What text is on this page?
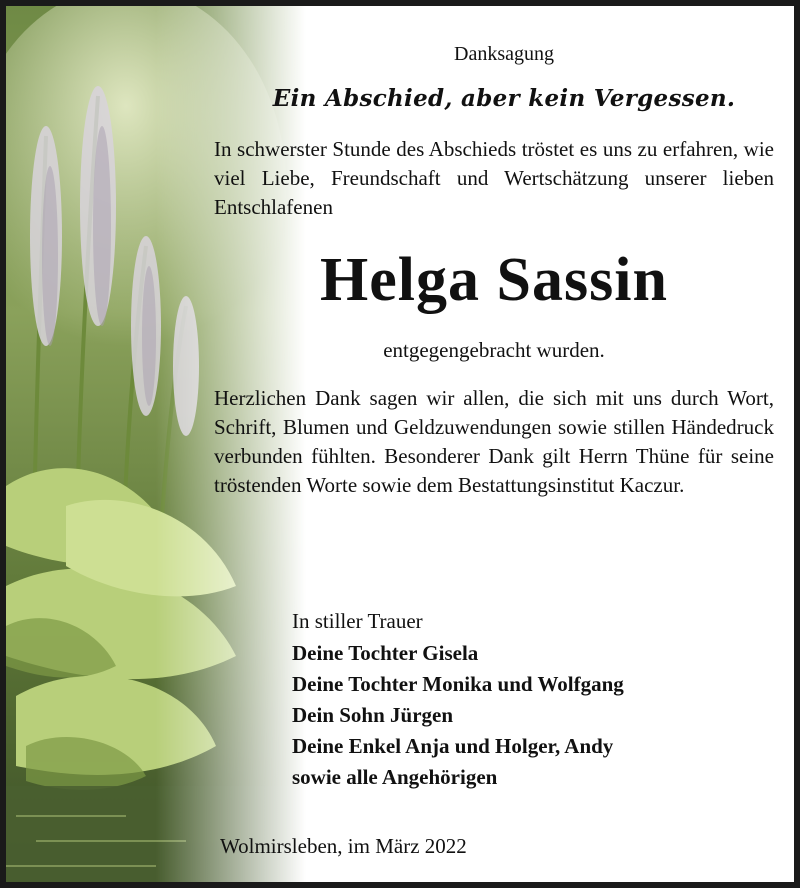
Danksagung
Ein Abschied, aber kein Vergessen.
In schwerster Stunde des Abschieds tröstet es uns zu erfahren, wie viel Liebe, Freundschaft und Wertschätzung unserer lieben Entschlafenen
Helga Sassin
entgegengebracht wurden.
Herzlichen Dank sagen wir allen, die sich mit uns durch Wort, Schrift, Blumen und Geldzuwendungen sowie stillen Händedruck verbunden fühlten. Besonderer Dank gilt Herrn Thüne für seine tröstenden Worte sowie dem Bestattungsinstitut Kaczur.
In stiller Trauer
Deine Tochter Gisela
Deine Tochter Monika und Wolfgang
Dein Sohn Jürgen
Deine Enkel Anja und Holger, Andy
sowie alle Angehörigen
Wolmirsleben, im März 2022
